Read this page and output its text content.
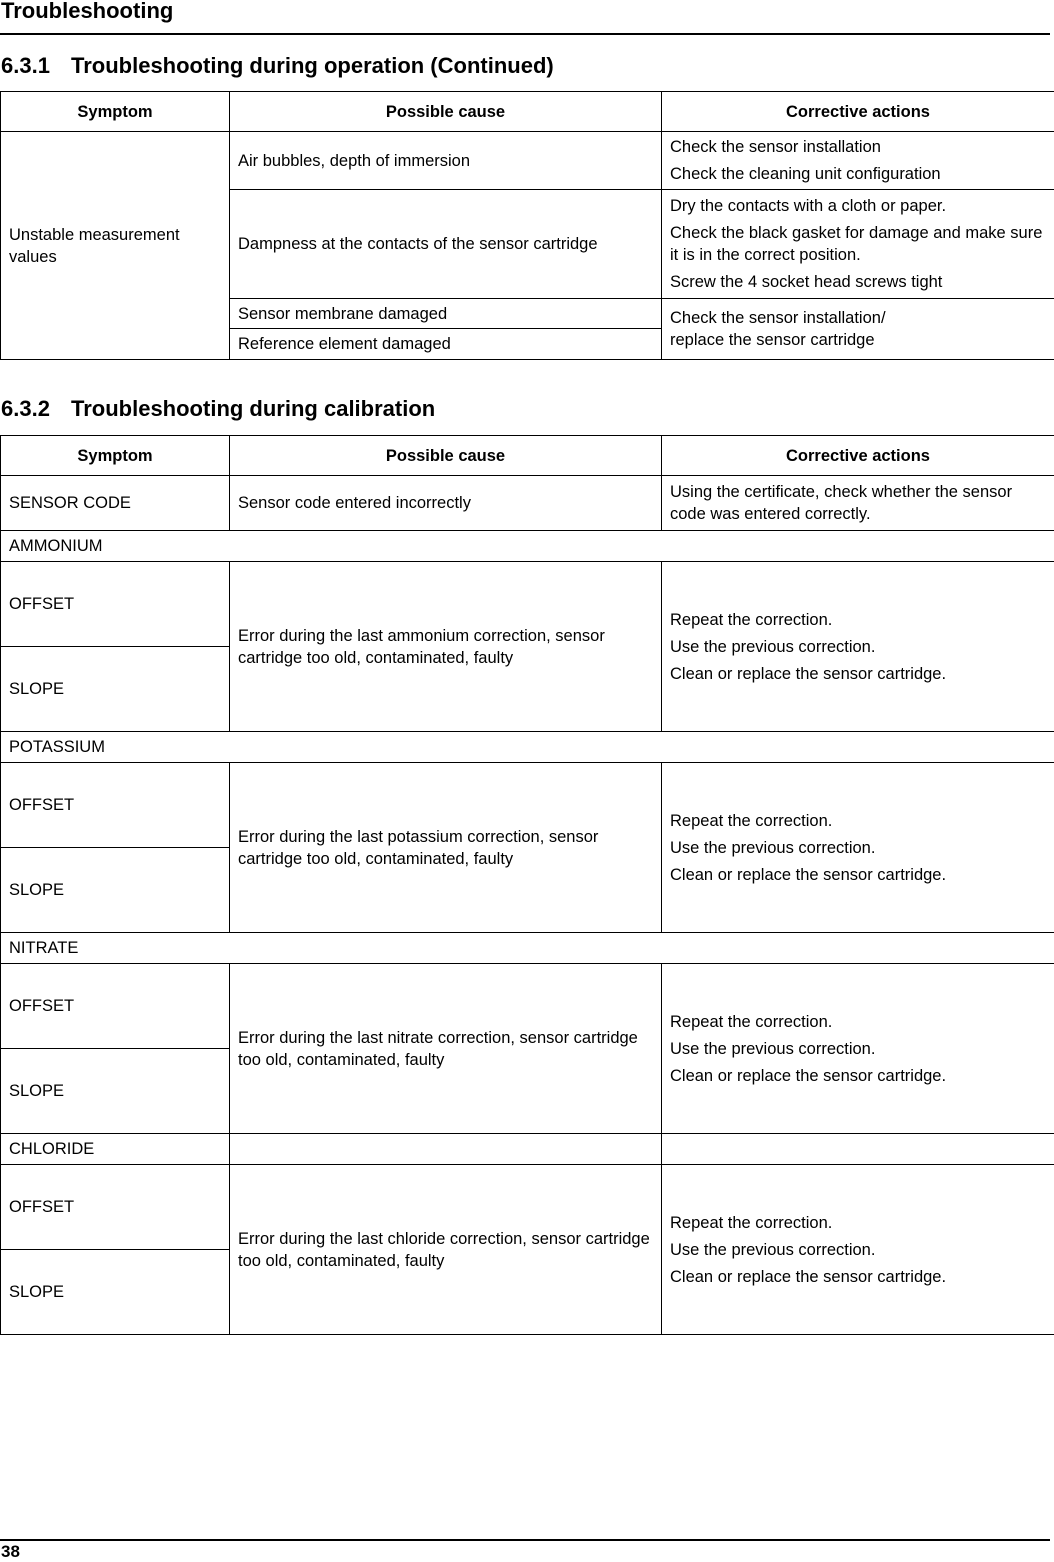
Troubleshooting
6.3.1 Troubleshooting during operation (Continued)
Symptom	Possible cause	Corrective actions
Unstable measurement values	Air bubbles, depth of immersion	Check the sensor installation
Check the cleaning unit configuration

	Dampness at the contacts of the sensor cartridge	Dry the contacts with a cloth or paper.
Check the black gasket for damage and make sure it is in the correct position.
Screw the 4 socket head screws tight

	Sensor membrane damaged	Check the sensor installation/
replace the sensor cartridge

	Reference element damaged	
6.3.2 Troubleshooting during calibration
Symptom	Possible cause	Corrective actions
SENSOR CODE	Sensor code entered incorrectly	Using the certificate, check whether the sensor code was entered correctly.
AMMONIUM		
OFFSET	Error during the last ammonium correction, sensor cartridge too old, contaminated, faulty	Repeat the correction.
Use the previous correction.
Clean or replace the sensor cartridge.

SLOPE		
POTASSIUM		
OFFSET	Error during the last potassium correction, sensor cartridge too old, contaminated, faulty	Repeat the correction.
Use the previous correction.
Clean or replace the sensor cartridge.

SLOPE		
NITRATE		
OFFSET	Error during the last nitrate correction, sensor cartridge too old, contaminated, faulty	Repeat the correction.
Use the previous correction.
Clean or replace the sensor cartridge.

SLOPE		
CHLORIDE		
OFFSET	Error during the last chloride correction, sensor cartridge too old, contaminated, faulty	Repeat the correction.
Use the previous correction.
Clean or replace the sensor cartridge.

SLOPE		
38
